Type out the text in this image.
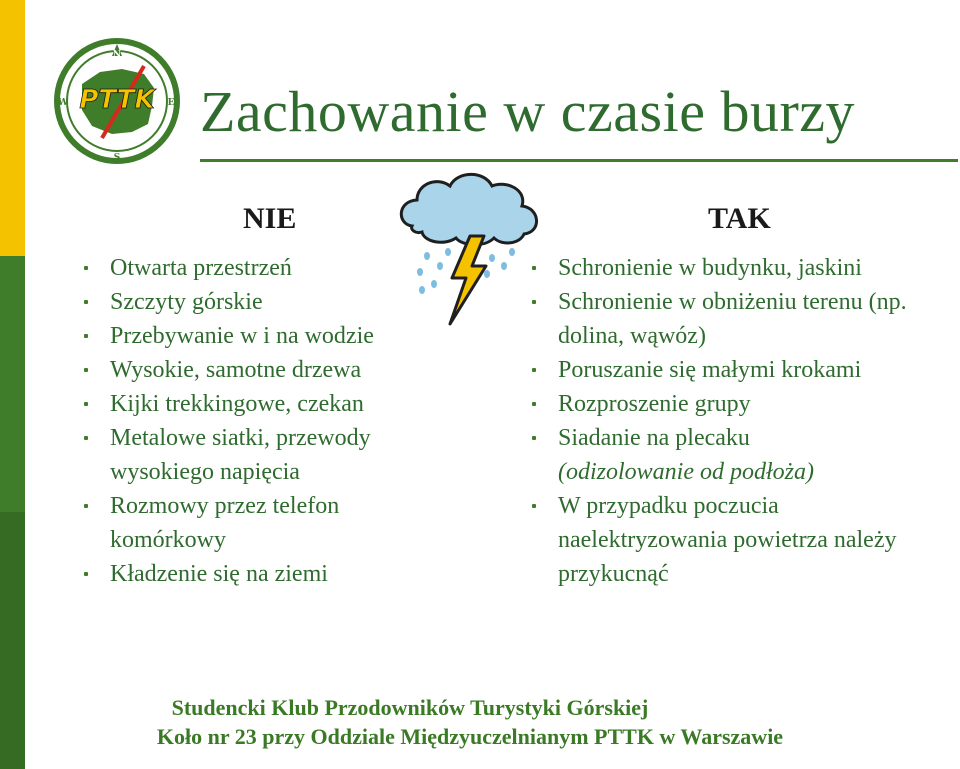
N
E
S
W PTTK Zachowanie w czasie burzy
NIE	TAK
Otwarta przestrzeń
Szczyty górskie
Przebywanie w i na wodzie
Wysokie, samotne drzewa
Kijki trekkingowe, czekan
Metalowe siatki, przewody wysokiego napięcia
Rozmowy przez telefon komórkowy
Kładzenie się na ziemi
Schronienie w budynku, jaskini
Schronienie w obniżeniu terenu (np. dolina, wąwóz)
Poruszanie się małymi krokami
Rozproszenie grupy
Siadanie na plecaku
(odizolowanie od podłoża)
W przypadku poczucia naelektryzowania powietrza należy przykucnąć
Studencki Klub Przodowników Turystyki Górskiej
Koło nr 23 przy Oddziale Międzyuczelnianym PTTK w Warszawie
